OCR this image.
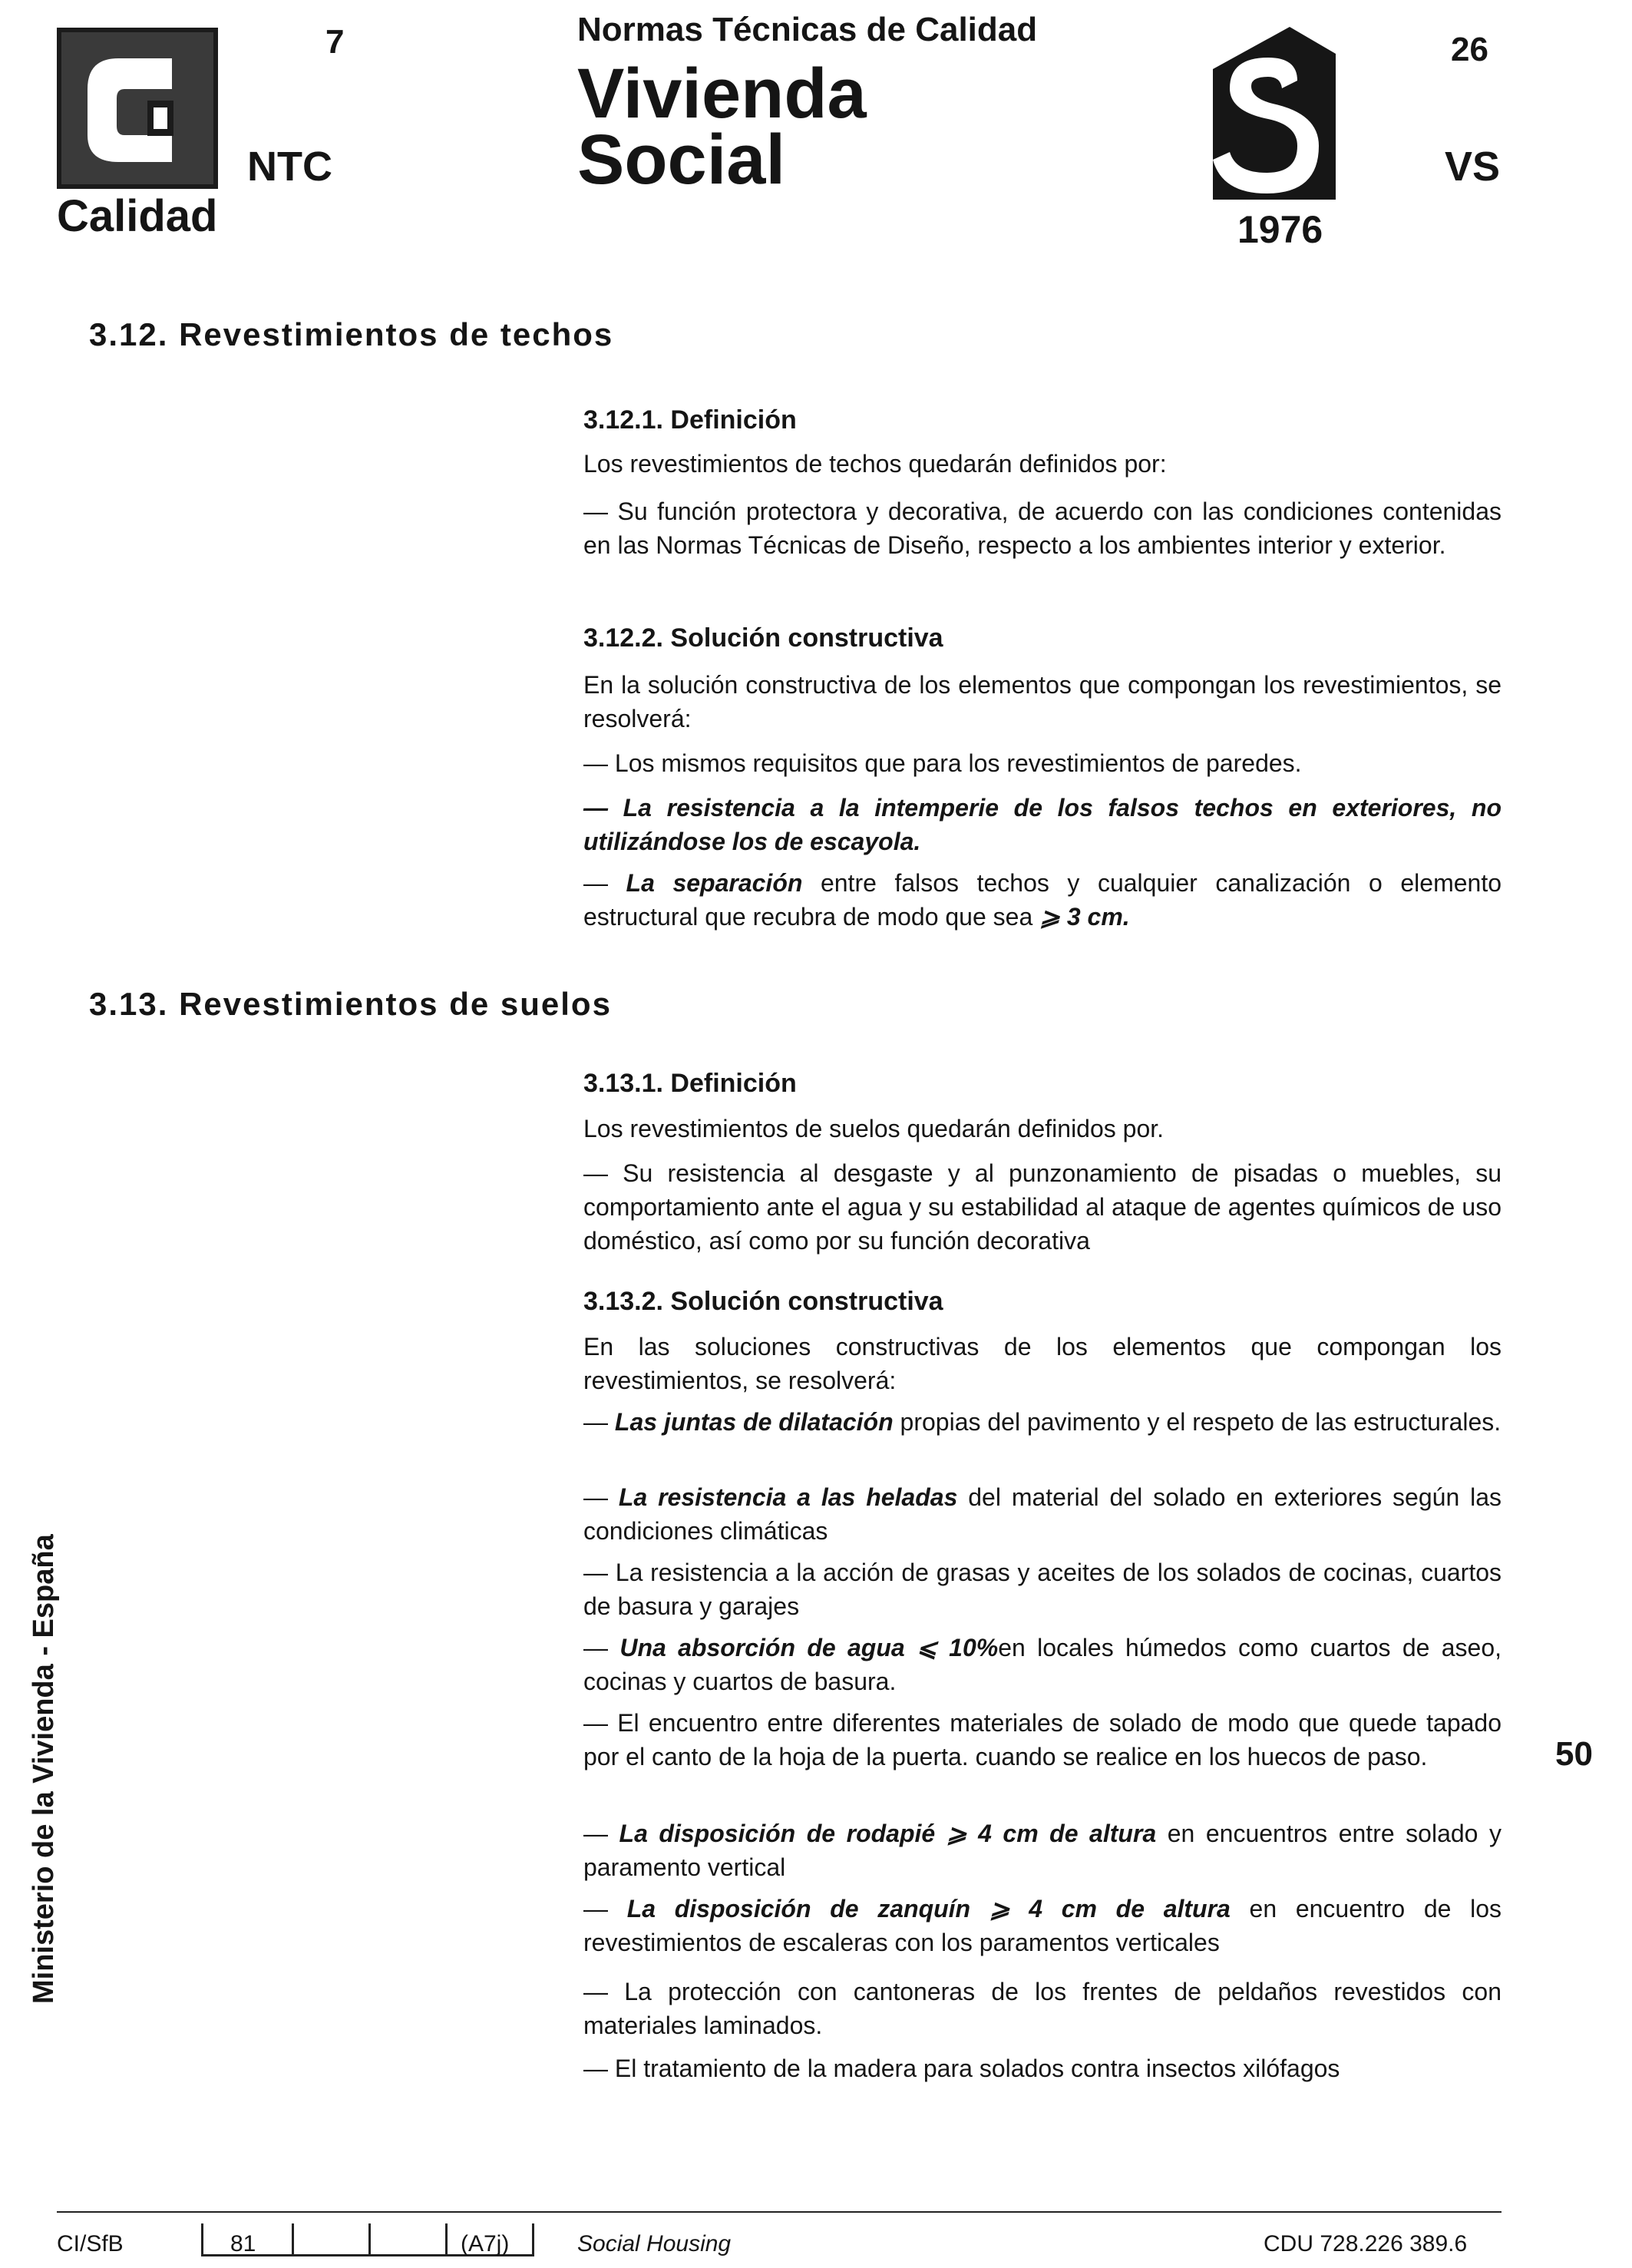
7
NTC
Calidad
Normas Técnicas de Calidad
Vivienda
Social
1976
26
VS
3.12. Revestimientos de techos
3.12.1. Definición

Los revestimientos de techos quedarán definidos por:

— Su función protectora y decorativa, de acuerdo con las condiciones contenidas en las Normas Técnicas de Diseño, respecto a los ambientes interior y exterior.

3.12.2. Solución constructiva

En la solución constructiva de los elementos que compongan los revestimientos, se resolverá:

— Los mismos requisitos que para los revestimientos de paredes.

— La resistencia a la intemperie de los falsos techos en exteriores, no utilizándose los de escayola.

— La separación entre falsos techos y cualquier canalización o elemento estructural que recubra de modo que sea ⩾ 3 cm.

3.13. Revestimientos de suelos
3.13.1. Definición

Los revestimientos de suelos quedarán definidos por.

— Su resistencia al desgaste y al punzonamiento de pisadas o muebles, su comportamiento ante el agua y su estabilidad al ataque de agentes químicos de uso doméstico, así como por su función decorativa

3.13.2. Solución constructiva

En las soluciones constructivas de los elementos que compongan los revestimientos, se resolverá:

— Las juntas de dilatación propias del pavimento y el respeto de las estructurales.

— La resistencia a las heladas del material del solado en exteriores según las condiciones climáticas

— La resistencia a la acción de grasas y aceites de los solados de cocinas, cuartos de basura y garajes

— Una absorción de agua ⩽ 10%en locales húmedos como cuartos de aseo, cocinas y cuartos de basura.

— El encuentro entre diferentes materiales de solado de modo que quede tapado por el canto de la hoja de la puerta. cuando se realice en los huecos de paso.

— La disposición de rodapié ⩾ 4 cm de altura en encuentros entre solado y paramento vertical

— La disposición de zanquín ⩾ 4 cm de altura en encuentro de los revestimientos de escaleras con los paramentos verticales

— La protección con cantoneras de los frentes de peldaños revestidos con materiales laminados.

— El tratamiento de la madera para solados contra insectos xilófagos

Ministerio de la Vivienda - España	50
CI/SfB	81	(A7j)	Social Housing	CDU 728.226 389.6
